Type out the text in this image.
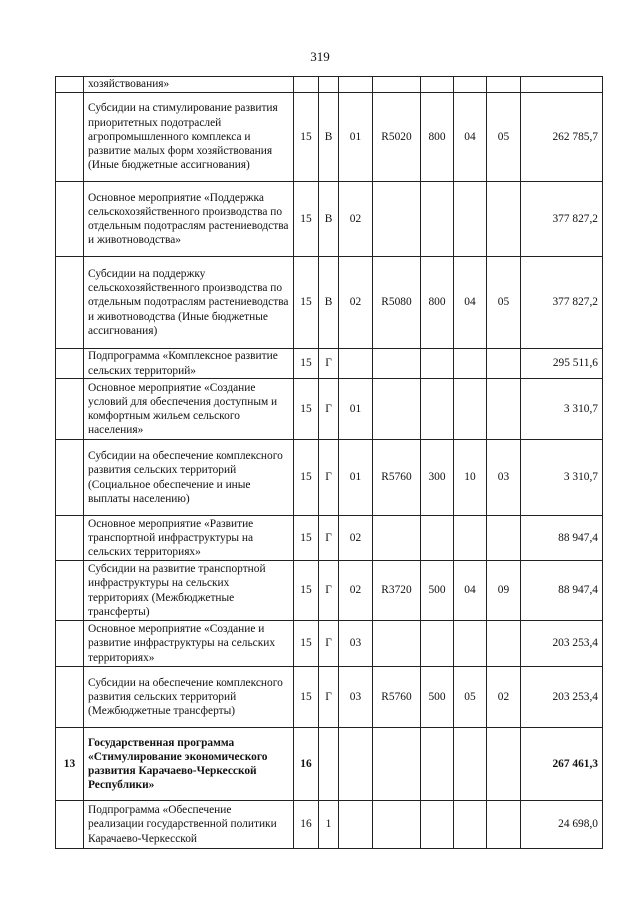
319
	хозяйствования»								
	Субсидии на стимулирование развития приоритетных подотраслей агропромышленного комплекса и развитие малых форм хозяйствования (Иные бюджетные ассигнования)	15	В	01	R5020	800	04	05	262 785,7
	Основное мероприятие «Поддержка сельскохозяйственного производства по отдельным подотраслям растениеводства и животноводства»	15	В	02					377 827,2
	Субсидии на поддержку сельскохозяйственного производства по отдельным подотраслям растениеводства и животноводства (Иные бюджетные ассигнования)	15	В	02	R5080	800	04	05	377 827,2
	Подпрограмма «Комплексное развитие сельских территорий»	15	Г						295 511,6
	Основное мероприятие «Создание условий для обеспечения доступным и комфортным жильем сельского населения»	15	Г	01					3 310,7
	Субсидии на обеспечение комплексного развития сельских территорий (Социальное обеспечение и иные выплаты населению)	15	Г	01	R5760	300	10	03	3 310,7
	Основное мероприятие «Развитие транспортной инфраструктуры на сельских территориях»	15	Г	02					88 947,4
	Субсидии на развитие транспортной инфраструктуры на сельских территориях (Межбюджетные трансферты)	15	Г	02	R3720	500	04	09	88 947,4
	Основное мероприятие «Создание и развитие инфраструктуры на сельских территориях»	15	Г	03					203 253,4
	Субсидии на обеспечение комплексного развития сельских территорий (Межбюджетные трансферты)	15	Г	03	R5760	500	05	02	203 253,4
13	Государственная программа «Стимулирование экономического развития Карачаево-Черкесской Республики»	16							267 461,3
	Подпрограмма «Обеспечение реализации государственной политики Карачаево-Черкесской	16	1						24 698,0
